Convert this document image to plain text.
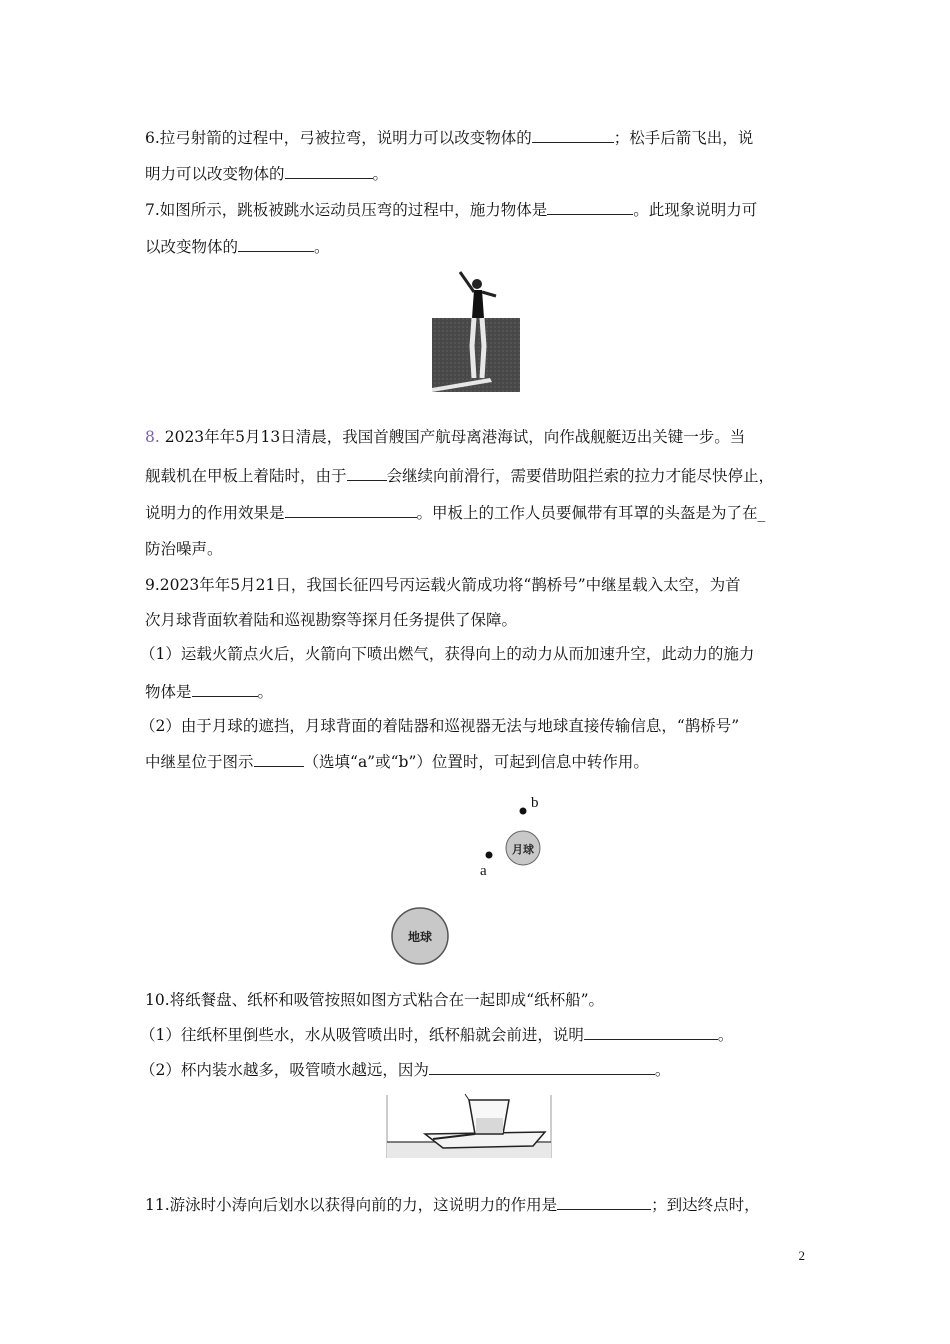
6.拉弓射箭的过程中，弓被拉弯，说明力可以改变物体的	；松手后箭飞出，说
明力可以改变物体的	。
7.如图所示，跳板被跳水运动员压弯的过程中，施力物体是	。此现象说明力可
以改变物体的	。
8. 2023年年5月13日清晨，我国首艘国产航母离港海试，向作战舰艇迈出关键一步。当
舰载机在甲板上着陆时，由于	会继续向前滑行，需要借助阻拦索的拉力才能尽快停止，
说明力的作用效果是	。甲板上的工作人员要佩带有耳罩的头盔是为了在_
防治噪声。
9.2023年年5月21日，我国长征四号丙运载火箭成功将“鹊桥号”中继星载入太空，为首
次月球背面软着陆和巡视勘察等探月任务提供了保障。
（1）运载火箭点火后，火箭向下喷出燃气，获得向上的动力从而加速升空，此动力的施力
物体是	。
（2）由于月球的遮挡，月球背面的着陆器和巡视器无法与地球直接传输信息，“鹊桥号”
中继星位于图示	（选填“a”或“b”）位置时，可起到信息中转作用。
b
月球
a
地球
10.将纸餐盘、纸杯和吸管按照如图方式粘合在一起即成“纸杯船”。
（1）往纸杯里倒些水，水从吸管喷出时，纸杯船就会前进，说明	。
（2）杯内装水越多，吸管喷水越远，因为	。
11.游泳时小涛向后划水以获得向前的力，这说明力的作用是	；到达终点时，
2
